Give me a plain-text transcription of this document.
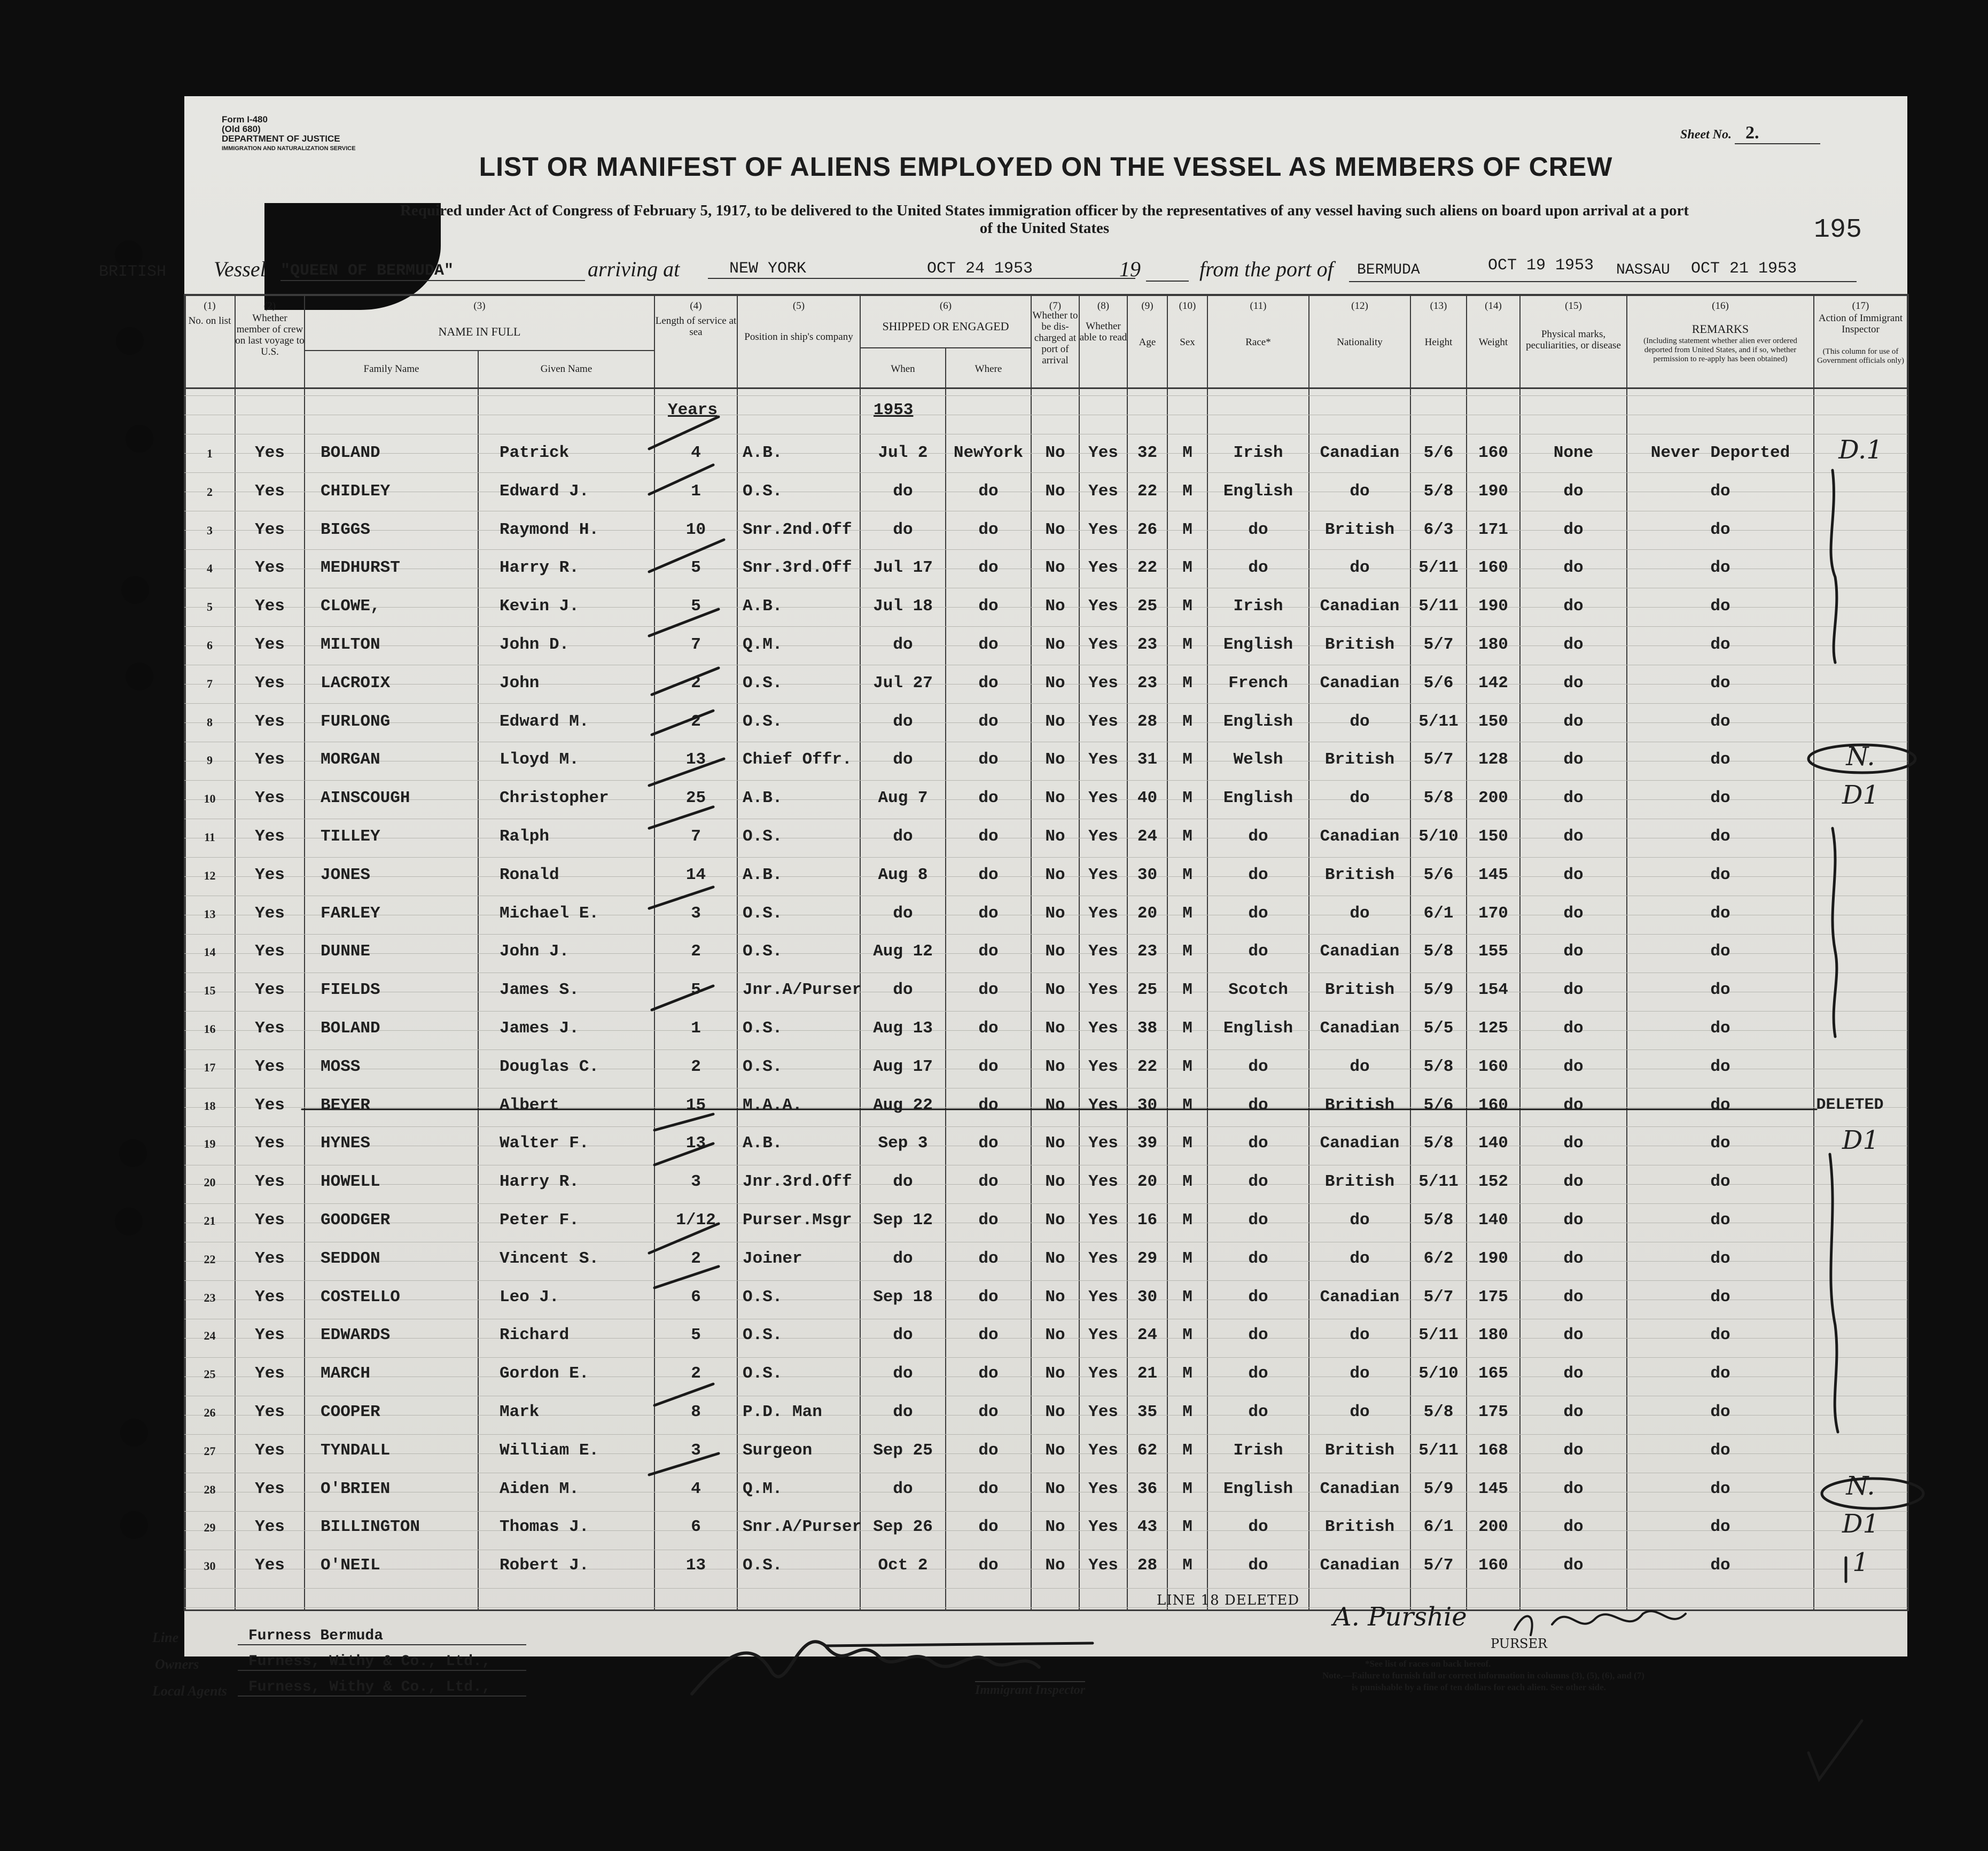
Form I-480
(Old 680)
DEPARTMENT OF JUSTICE
IMMIGRATION AND NATURALIZATION SERVICE
Sheet No. 2.
LIST OR MANIFEST OF ALIENS EMPLOYED ON THE VESSEL AS MEMBERS OF CREW
Required under Act of Congress of February 5, 1917, to be delivered to the United States immigration officer by the representatives of any vessel having such aliens on board upon arrival at a port
of the United States	195
BRITISH Vessel "QUEEN OF BERMUDA"	arriving at	NEW YORK	OCT 24 1953	19	from the port of BERMUDA	OCT 19 1953 NASSAU OCT 21 1953
(1)	(2)	(3)	(4)	(5)	(6)	(7)	(8)	(9)	(10)	(11)	(12)	(13)	(14)	(15)	(16)	(17)
No. on list	Whether member of crew on last voyage to U.S.
NAME IN FULL
Family Name	Given Name
Length of service at sea	Position in ship's company
SHIPPED OR ENGAGED
When	Where
Whether to be dis- charged at port of arrival
Whether able to read	Age	Sex	Race*	Nationality	Height	Weight
Physical marks, peculiarities, or disease
REMARKS
(Including statement whether alien ever ordered deported from United States, and if so, whether permission to re-apply has been obtained)
Action of Immigrant Inspector
(This column for use of Government officials only)
Years	1953
1	Yes	BOLAND	Patrick	4	A.B.	Jul 2	NewYork	No	Yes	32	M	Irish	Canadian	5/6	160	None	Never Deported	D.1
2	Yes	CHIDLEY	Edward J.	1	O.S.	do	do	No	Yes	22	M	English	do	5/8	190	do	do
3	Yes	BIGGS	Raymond H.	10	Snr.2nd.Off	do	do	No	Yes	26	M	do	British	6/3	171	do	do
4	Yes	MEDHURST	Harry R.	5	Snr.3rd.Off	Jul 17	do	No	Yes	22	M	do	do	5/11	160	do	do
5	Yes	CLOWE,	Kevin J.	5	A.B.	Jul 18	do	No	Yes	25	M	Irish	Canadian	5/11	190	do	do
6	Yes	MILTON	John D.	7	Q.M.	do	do	No	Yes	23	M	English	British	5/7	180	do	do
7	Yes	LACROIX	John	2	O.S.	Jul 27	do	No	Yes	23	M	French	Canadian	5/6	142	do	do
8	Yes	FURLONG	Edward M.	2	O.S.	do	do	No	Yes	28	M	English	do	5/11	150	do	do
9	Yes	MORGAN	Lloyd M.	13	Chief Offr.	do	do	No	Yes	31	M	Welsh	British	5/7	128	do	do	N.
10	Yes	AINSCOUGH	Christopher	25	A.B.	Aug 7	do	No	Yes	40	M	English	do	5/8	200	do	do	D1
11	Yes	TILLEY	Ralph	7	O.S.	do	do	No	Yes	24	M	do	Canadian	5/10	150	do	do
12	Yes	JONES	Ronald	14	A.B.	Aug 8	do	No	Yes	30	M	do	British	5/6	145	do	do
13	Yes	FARLEY	Michael E.	3	O.S.	do	do	No	Yes	20	M	do	do	6/1	170	do	do
14	Yes	DUNNE	John J.	2	O.S.	Aug 12	do	No	Yes	23	M	do	Canadian	5/8	155	do	do
15	Yes	FIELDS	James S.	5	Jnr.A/Purser	do	do	No	Yes	25	M	Scotch	British	5/9	154	do	do
16	Yes	BOLAND	James J.	1	O.S.	Aug 13	do	No	Yes	38	M	English	Canadian	5/5	125	do	do
17	Yes	MOSS	Douglas C.	2	O.S.	Aug 17	do	No	Yes	22	M	do	do	5/8	160	do	do
18	Yes	BEYER	Albert	15	M.A.A.	Aug 22	do	No	Yes	30	M	do	British	5/6	160	do	do	DELETED
19	Yes	HYNES	Walter F.	13	A.B.	Sep 3	do	No	Yes	39	M	do	Canadian	5/8	140	do	do	D1
20	Yes	HOWELL	Harry R.	3	Jnr.3rd.Off	do	do	No	Yes	20	M	do	British	5/11	152	do	do
21	Yes	GOODGER	Peter F.	1/12	Purser.Msgr	Sep 12	do	No	Yes	16	M	do	do	5/8	140	do	do
22	Yes	SEDDON	Vincent S.	2	Joiner	do	do	No	Yes	29	M	do	do	6/2	190	do	do
23	Yes	COSTELLO	Leo J.	6	O.S.	Sep 18	do	No	Yes	30	M	do	Canadian	5/7	175	do	do
24	Yes	EDWARDS	Richard	5	O.S.	do	do	No	Yes	24	M	do	do	5/11	180	do	do
25	Yes	MARCH	Gordon E.	2	O.S.	do	do	No	Yes	21	M	do	do	5/10	165	do	do
26	Yes	COOPER	Mark	8	P.D. Man	do	do	No	Yes	35	M	do	do	5/8	175	do	do
27	Yes	TYNDALL	William E.	3	Surgeon	Sep 25	do	No	Yes	62	M	Irish	British	5/11	168	do	do
28	Yes	O'BRIEN	Aiden M.	4	Q.M.	do	do	No	Yes	36	M	English	Canadian	5/9	145	do	do	N.
29	Yes	BILLINGTON	Thomas J.	6	Snr.A/Purser Sep 26	do	No	Yes	43	M	do	British	6/1	200	do	do	D1
30	Yes	O'NEIL	Robert J.	13	O.S.	Oct 2	do	No	Yes	28	M	do	Canadian	5/7	160	do	do	1
Line	Furness Bermuda
Owners	Furness, Withy & Co., Ltd.,
Local Agents	Furness, Withy & Co., Ltd.,	Immigrant Inspector
LINE 18 DELETED
A. Purshie
PURSER
*See list of races on back hereof.
Note.—Failure to furnish full or correct information in columns (3), (5), (6), and (7)
is punishable by a fine of ten dollars for each alien. See other side.
